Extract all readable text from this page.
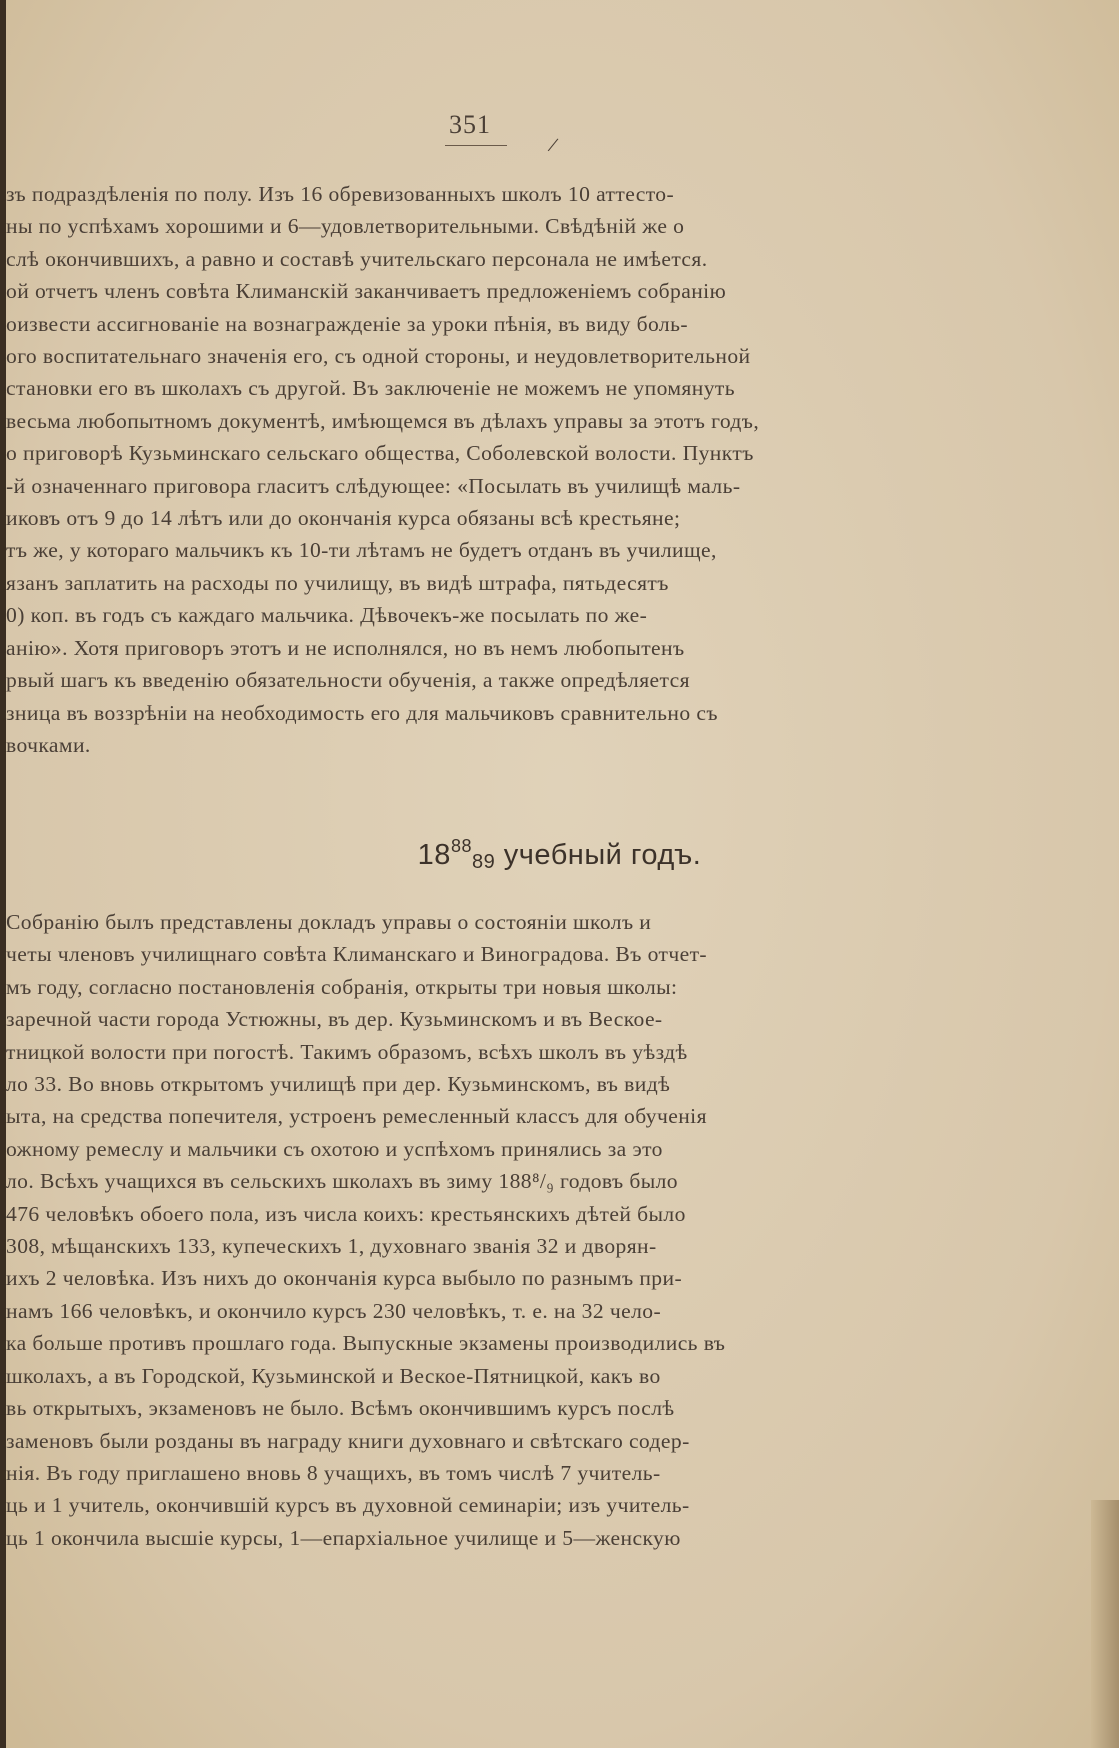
351
/
зъ подраздѣленія по полу. Изъ 16 обревизованныхъ школъ 10 аттесто-
ны по успѣхамъ хорошими и 6—удовлетворительными. Свѣдѣній же о
слѣ окончившихъ, а равно и составѣ учительскаго персонала не имѣется.
ой отчетъ членъ совѣта Климанскій заканчиваетъ предложеніемъ собранію
оизвести ассигнованіе на вознагражденіе за уроки пѣнія, въ виду боль-
ого воспитательнаго значенія его, съ одной стороны, и неудовлетворительной
становки его въ школахъ съ другой. Въ заключеніе не можемъ не упомянуть
весьма любопытномъ документѣ, имѣющемся въ дѣлахъ управы за этотъ годъ,
о приговорѣ Кузьминскаго сельскаго общества, Соболевской волости. Пунктъ
-й означеннаго приговора гласитъ слѣдующее: «Посылать въ училищѣ маль-
иковъ отъ 9 до 14 лѣтъ или до окончанія курса обязаны всѣ крестьяне;
тъ же, у котораго мальчикъ къ 10-ти лѣтамъ не будетъ отданъ въ училище,
язанъ заплатить на расходы по училищу, въ видѣ штрафа, пятьдесятъ
0) коп. въ годъ съ каждаго мальчика. Дѣвочекъ-же посылать по же-
анію». Хотя приговоръ этотъ и не исполнялся, но въ немъ любопытенъ
рвый шагъ къ введенію обязательности обученія, а также опредѣляется
зница въ воззрѣніи на необходимость его для мальчиковъ сравнительно съ
вочками.
$18^{88}_{89}$ учебный годъ.
Собранію былъ представлены докладъ управы о состояніи школъ и
четы членовъ училищнаго совѣта Климанскаго и Виноградова. Въ отчет-
мъ году, согласно постановленія собранія, открыты три новыя школы:
заречной части города Устюжны, въ дер. Кузьминскомъ и въ Веское-
тницкой волости при погостѣ. Такимъ образомъ, всѣхъ школъ въ уѣздѣ
ло 33. Во вновь открытомъ училищѣ при дер. Кузьминскомъ, въ видѣ
ыта, на средства попечителя, устроенъ ремесленный классъ для обученія
ожному ремеслу и мальчики съ охотою и успѣхомъ принялись за это
ло. Всѣхъ учащихся въ сельскихъ школахъ въ зиму 188⁸/₉ годовъ было
476 человѣкъ обоего пола, изъ числа коихъ: крестьянскихъ дѣтей было
308, мѣщанскихъ 133, купеческихъ 1, духовнаго званія 32 и дворян-
ихъ 2 человѣка. Изъ нихъ до окончанія курса выбыло по разнымъ при-
намъ 166 человѣкъ, и окончило курсъ 230 человѣкъ, т. е. на 32 чело-
ка больше противъ прошлаго года. Выпускные экзамены производились въ
школахъ, а въ Городской, Кузьминской и Веское-Пятницкой, какъ во
вь открытыхъ, экзаменовъ не было. Всѣмъ окончившимъ курсъ послѣ
заменовъ были розданы въ награду книги духовнаго и свѣтскаго содер-
нія. Въ году приглашено вновь 8 учащихъ, въ томъ числѣ 7 учитель-
ць и 1 учитель, окончившій курсъ въ духовной семинаріи; изъ учитель-
ць 1 окончила высшіе курсы, 1—епархіальное училище и 5—женскую
